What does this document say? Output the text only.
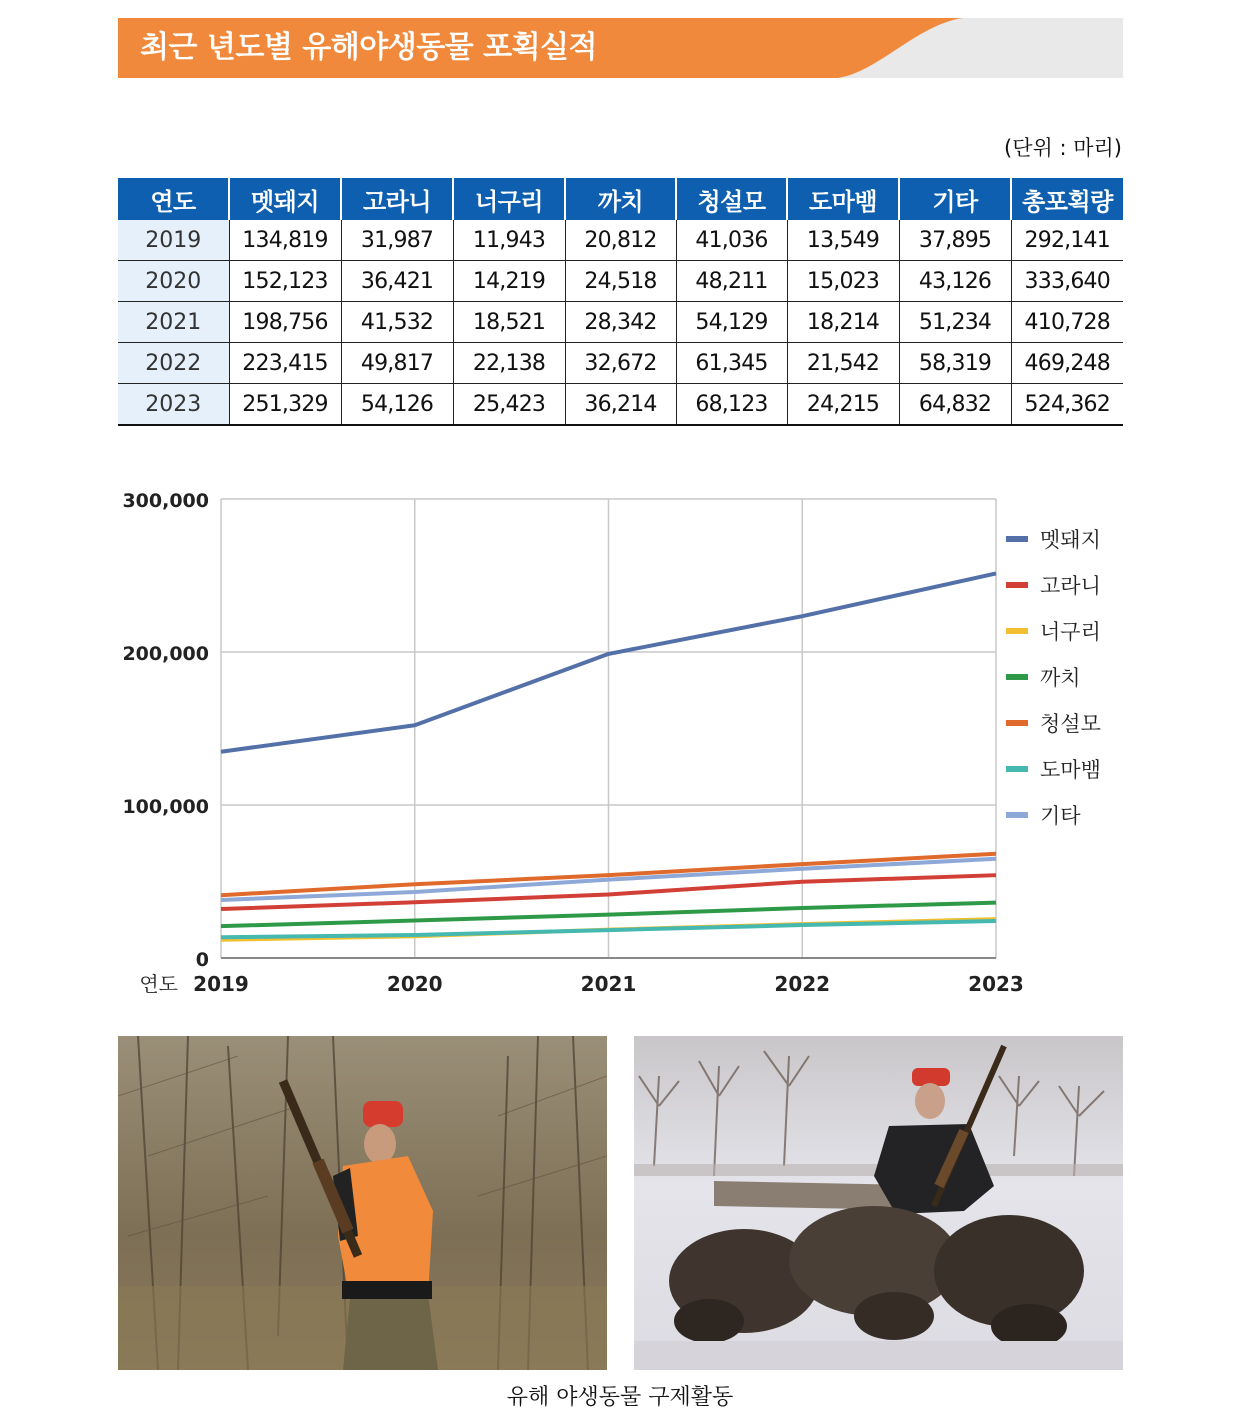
최근 년도별 유해야생동물 포획실적
(단위 : 마리)
연도	멧돼지	고라니	너구리	까치	청설모	도마뱀	기타	총포획량
2019	134,819	31,987	11,943	20,812	41,036	13,549	37,895	292,141
2020	152,123	36,421	14,219	24,518	48,211	15,023	43,126	333,640
2021	198,756	41,532	18,521	28,342	54,129	18,214	51,234	410,728
2022	223,415	49,817	22,138	32,672	61,345	21,542	58,319	469,248
2023	251,329	54,126	25,423	36,214	68,123	24,215	64,832	524,362
0
100,000
200,000
300,000
2019	2020	2021	2022	2023
연도
멧돼지
고라니
너구리
까치
청설모
도마뱀
기타
유해 야생동물 구제활동
